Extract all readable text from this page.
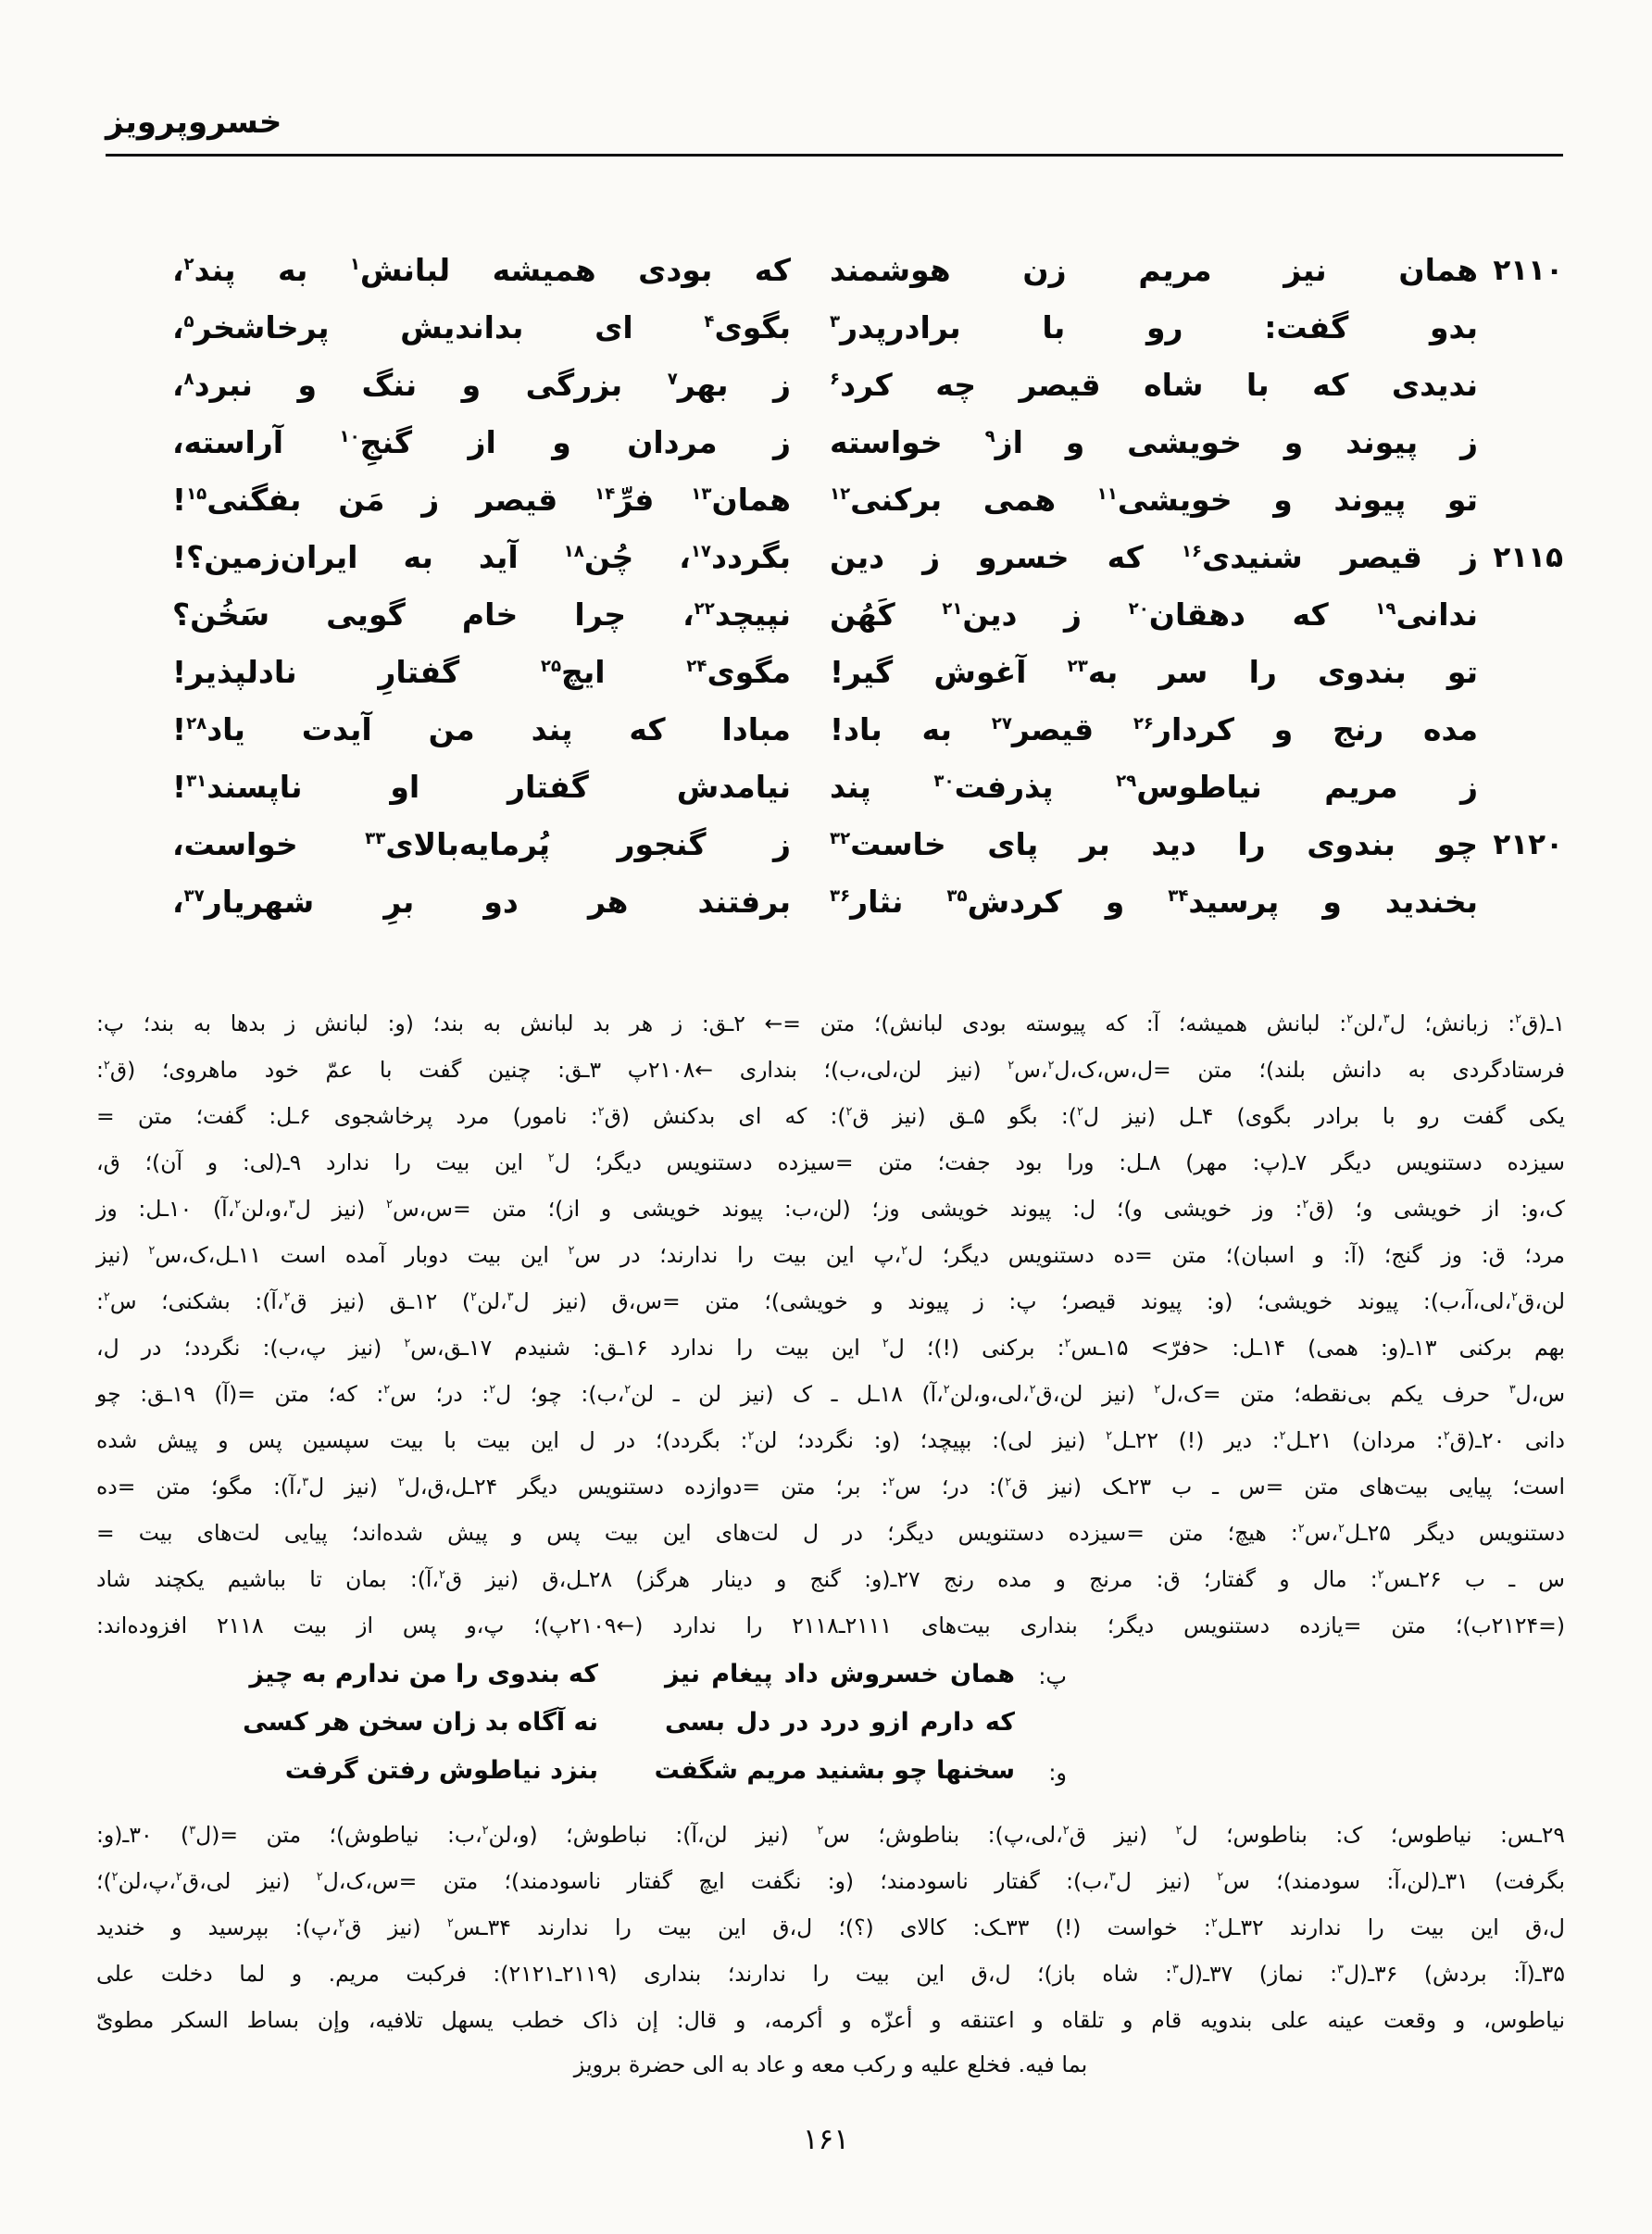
خسروپرویز
۲۱۱۰
همان نیز مریم زن هوشمند
که بودی همیشه لبانش$^۱$ به پند$^۲$،
بدو گفت: رو با برادرپدر$^۳$
بگوی$^۴$ ای بداندیش پرخاشخر$^۵$،
ندیدی که با شاه قیصر چه کرد$^۶$
ز بهر$^۷$ بزرگی و ننگ و نبرد$^۸$،
ز پیوند و خویشی و از$^۹$ خواسته
ز مردان و از گنجِ$^{۱۰}$ آراسته،
تو پیوند و خویشی$^{۱۱}$ همی برکنی$^{۱۲}$
همان$^{۱۳}$ فرِّ$^{۱۴}$ قیصر ز مَن بفگنی$^{۱۵}$!
۲۱۱۵
ز قیصر شنیدی$^{۱۶}$ که خسرو ز دین
بگردد$^{۱۷}$، چُن$^{۱۸}$ آید به ایران‌زمین؟!
ندانی$^{۱۹}$ که دهقان$^{۲۰}$ ز دین$^{۲۱}$ کَهُن
نپیچد$^{۲۲}$، چرا خام گویی سَخُن؟
تو بندوی را سر به$^{۲۳}$ آغوش گیر!
مگوی$^{۲۴}$ ایچ$^{۲۵}$ گفتارِ نادلپذیر!
مده رنج و کردار$^{۲۶}$ قیصر$^{۲۷}$ به باد!
مبادا که پند من آیدت یاد$^{۲۸}$!
ز مریم نیاطوس$^{۲۹}$ پذرفت$^{۳۰}$ پند
نیامدش گفتار او ناپسند$^{۳۱}$!
۲۱۲۰
چو بندوی را دید بر پای خاست$^{۳۲}$
ز گنجور پُرمایه‌بالای$^{۳۳}$ خواست،
بخندید و پرسید$^{۳۴}$ و کردش$^{۳۵}$ نثار$^{۳۶}$
برفتند هر دو برِ شهریار$^{۳۷}$،
۱ـ(ق$^۲$: زبانش؛ ل$^۳$،لن$^۲$: لبانش همیشه؛ آ: که پیوسته بودی لبانش)؛ متن =← ۲ـق: ز هر بد لبانش به بند؛ (و: لبانش ز بدها به بند؛ پ:
فرستادگردی به دانش بلند)؛ متن =ل،س،ک،ل$^۲$،س$^۲$ (نیز لن،لی،ب)؛ بنداری ←۲۱۰۸پ ۳ـق: چنین گفت با عمّ خود ماهروی؛ (ق$^۲$:
یکی گفت رو با برادر بگوی) ۴ـل (نیز ل$^۲$): بگو ۵ـق (نیز ق$^۲$): که ای بدکنش (ق$^۲$: نامور) مرد پرخاشجوی ۶ـل: گفت؛ متن =
سیزده دستنویس دیگر ۷ـ(پ: مهر) ۸ـل: ورا بود جفت؛ متن =سیزده دستنویس دیگر؛ ل$^۲$ این بیت را ندارد ۹ـ(لی: و آن)؛ ق،
ک،و: از خویشی و؛ (ق$^۲$: وز خویشی و)؛ ل: پیوند خویشی وز؛ (لن،ب: پیوند خویشی و از)؛ متن =س،س$^۲$ (نیز ل$^۳$،و،لن$^۲$،آ) ۱۰ـل: وز
مرد؛ ق: وز گنج؛ (آ: و اسبان)؛ متن =ده دستنویس دیگر؛ ل$^۲$،پ این بیت را ندارند؛ در س$^۲$ این بیت دوبار آمده است ۱۱ـل،ک،س$^۲$ (نیز
لن،ق$^۲$،لی،آ،ب): پیوند خویشی؛ (و: پیوند قیصر؛ پ: ز پیوند و خویشی)؛ متن =س،ق (نیز ل$^۳$،لن$^۲$) ۱۲ـق (نیز ق$^۲$،آ): بشکنی؛ س$^۲$:
بهم برکنی ۱۳ـ(و: همی) ۱۴ـل: <فرّ> ۱۵ـس$^۲$: برکنی (!)؛ ل$^۲$ این بیت را ندارد ۱۶ـق: شنیدم ۱۷ـق،س$^۲$ (نیز پ،ب): نگردد؛ در ل،
س،ل$^۳$ حرف یکم بی‌نقطه؛ متن =ک،ل$^۲$ (نیز لن،ق$^۲$،لی،و،لن$^۲$،آ) ۱۸ـل ـ ک (نیز لن ـ لن$^۲$،ب): چو؛ ل$^۲$: در؛ س$^۲$: که؛ متن =(آ) ۱۹ـق: چو
دانی ۲۰ـ(ق$^۲$: مردان) ۲۱ـل$^۲$: دیر (!) ۲۲ـل$^۲$ (نیز لی): بپیچد؛ (و: نگردد؛ لن$^۲$: بگردد)؛ در ل این بیت با بیت سپسین پس و پیش شده
است؛ پیایی بیت‌های متن =س ـ ب ۲۳ـک (نیز ق$^۲$): در؛ س$^۲$: بر؛ متن =دوازده دستنویس دیگر ۲۴ـل،ق،ل$^۲$ (نیز ل$^۳$،آ): مگو؛ متن =ده
دستنویس دیگر ۲۵ـل$^۲$،س$^۲$: هیچ؛ متن =سیزده دستنویس دیگر؛ در ل لت‌های این بیت پس و پیش شده‌اند؛ پیایی لت‌های بیت =
س ـ ب ۲۶ـس$^۲$: مال و گفتار؛ ق: مرنج و مده رنج ۲۷ـ(و: گنج و دینار هرگز) ۲۸ـل،ق (نیز ق$^۲$،آ): بمان تا بباشیم یکچند شاد
(=۲۱۲۴ب)؛ متن =یازده دستنویس دیگر؛ بنداری بیت‌های ۲۱۱۱ـ۲۱۱۸ را ندارد (←۲۱۰۹پ)؛ پ،و پس از بیت ۲۱۱۸ افزوده‌اند:
پ:
همان خسروش داد پیغام نیز
که بندوی را من ندارم به چیز
که دارم ازو درد در دل بسی
نه آگاه بد زان سخن هر کسی
و:
سخنها چو بشنید مریم شگفت
بنزد نیاطوش رفتن گرفت
۲۹ـس: نیاطوس؛ ک: بناطوس؛ ل$^۲$ (نیز ق$^۲$،لی،پ): بناطوش؛ س$^۲$ (نیز لن،آ): نباطوش؛ (و،لن$^۲$،ب: نیاطوش)؛ متن =(ل$^۳$) ۳۰ـ(و:
بگرفت) ۳۱ـ(لن،آ: سودمند)؛ س$^۲$ (نیز ل$^۳$،ب): گفتار ناسودمند؛ (و: نگفت ایچ گفتار ناسودمند)؛ متن =س،ک،ل$^۲$ (نیز لی،ق$^۲$،پ،لن$^۲$)؛
ل،ق این بیت را ندارند ۳۲ـل$^۲$: خواست (!) ۳۳ـک: کالای (؟)؛ ل،ق این بیت را ندارند ۳۴ـس$^۲$ (نیز ق$^۲$،پ): بپرسید و خندید
۳۵ـ(آ: بردش) ۳۶ـ(ل$^۳$: نماز) ۳۷ـ(ل$^۳$: شاه باز)؛ ل،ق این بیت را ندارند؛ بنداری (۲۱۱۹ـ۲۱۲۱): فرکبت مریم. و لما دخلت علی
نیاطوس، و وقعت عینه علی بندویه قام و تلقاه و اعتنقه و أعزّه و أکرمه، و قال: إن ذاک خطب یسهل تلافیه، وإن بساط السکر مطویّ
بما فیه. فخلع علیه و رکب معه و عاد به الی حضرة برویز
۱۶۱
